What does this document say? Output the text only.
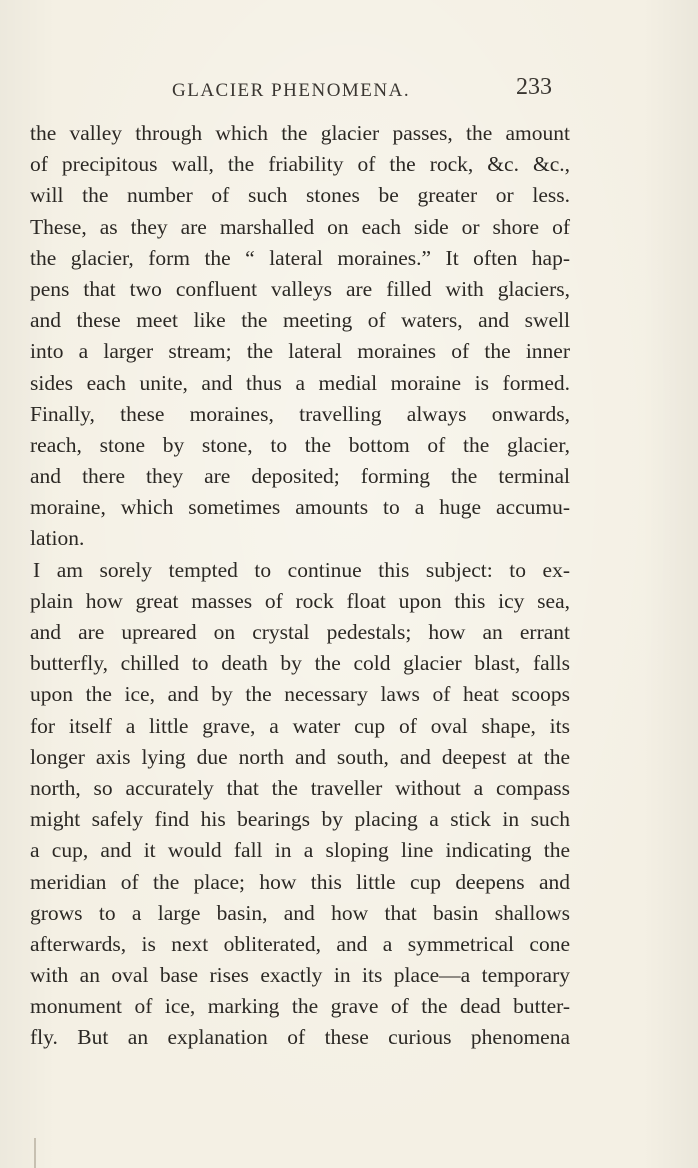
GLACIER PHENOMENA.	233
the valley through which the glacier passes, the amount
of precipitous wall, the friability of the rock, &c. &c.,
will the number of such stones be greater or less.
These, as they are marshalled on each side or shore of
the glacier, form the “ lateral moraines.” It often hap-
pens that two confluent valleys are filled with glaciers,
and these meet like the meeting of waters, and swell
into a larger stream; the lateral moraines of the inner
sides each unite, and thus a medial moraine is formed.
Finally, these moraines, travelling always onwards,
reach, stone by stone, to the bottom of the glacier,
and there they are deposited; forming the terminal
moraine, which sometimes amounts to a huge accumu-
lation.
I am sorely tempted to continue this subject: to ex-
plain how great masses of rock float upon this icy sea,
and are upreared on crystal pedestals; how an errant
butterfly, chilled to death by the cold glacier blast, falls
upon the ice, and by the necessary laws of heat scoops
for itself a little grave, a water cup of oval shape, its
longer axis lying due north and south, and deepest at the
north, so accurately that the traveller without a compass
might safely find his bearings by placing a stick in such
a cup, and it would fall in a sloping line indicating the
meridian of the place; how this little cup deepens and
grows to a large basin, and how that basin shallows
afterwards, is next obliterated, and a symmetrical cone
with an oval base rises exactly in its place—a temporary
monument of ice, marking the grave of the dead butter-
fly. But an explanation of these curious phenomena
